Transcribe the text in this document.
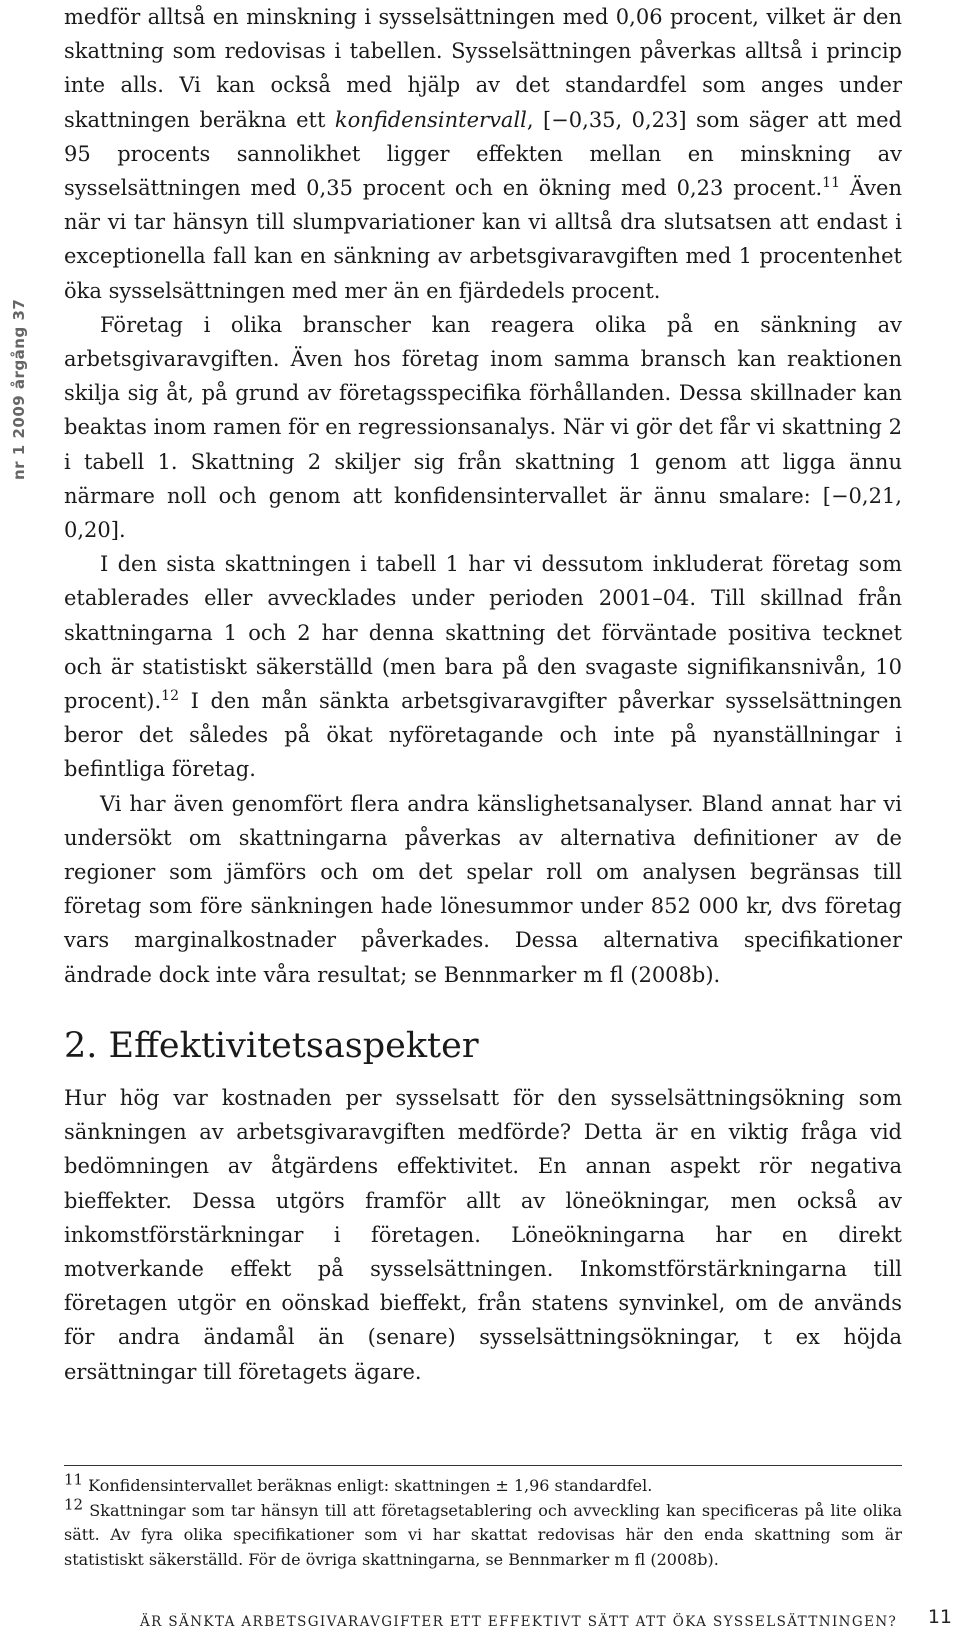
nr 1 2009 årgång 37

medför alltså en minskning i sysselsättningen med 0,06 procent, vilket är den skattning som redovisas i tabellen. Sysselsättningen påverkas alltså i princip inte alls. Vi kan också med hjälp av det standardfel som anges under skattningen beräkna ett konfidensintervall, [−0,35, 0,23] som säger att med 95 procents sannolikhet ligger effekten mellan en minskning av sysselsättningen med 0,35 procent och en ökning med 0,23 procent.$^{11}$ Även när vi tar hänsyn till slumpvariationer kan vi alltså dra slutsatsen att endast i exceptionella fall kan en sänkning av arbetsgivaravgiften med 1 procentenhet öka sysselsättningen med mer än en fjärdedels procent.

Företag i olika branscher kan reagera olika på en sänkning av arbetsgivaravgiften. Även hos företag inom samma bransch kan reaktionen skilja sig åt, på grund av företagsspecifika förhållanden. Dessa skillnader kan beaktas inom ramen för en regressionsanalys. När vi gör det får vi skattning 2 i tabell 1. Skattning 2 skiljer sig från skattning 1 genom att ligga ännu närmare noll och genom att konfidensintervallet är ännu smalare: [−0,21, 0,20].

I den sista skattningen i tabell 1 har vi dessutom inkluderat företag som etablerades eller avvecklades under perioden 2001–04. Till skillnad från skattningarna 1 och 2 har denna skattning det förväntade positiva tecknet och är statistiskt säkerställd (men bara på den svagaste signifikansnivån, 10 procent).$^{12}$ I den mån sänkta arbetsgivaravgifter påverkar sysselsättningen beror det således på ökat nyföretagande och inte på nyanställningar i befintliga företag.

Vi har även genomfört flera andra känslighetsanalyser. Bland annat har vi undersökt om skattningarna påverkas av alternativa definitioner av de regioner som jämförs och om det spelar roll om analysen begränsas till företag som före sänkningen hade lönesummor under 852 000 kr, dvs företag vars marginalkostnader påverkades. Dessa alternativa specifikationer ändrade dock inte våra resultat; se Bennmarker m fl (2008b).

2. Effektivitetsaspekter

Hur hög var kostnaden per sysselsatt för den sysselsättningsökning som sänkningen av arbetsgivaravgiften medförde? Detta är en viktig fråga vid bedömningen av åtgärdens effektivitet. En annan aspekt rör negativa bieffekter. Dessa utgörs framför allt av löneökningar, men också av inkomstförstärkningar i företagen. Löneökningarna har en direkt motverkande effekt på sysselsättningen. Inkomstförstärkningarna till företagen utgör en oönskad bieffekt, från statens synvinkel, om de används för andra ändamål än (senare) sysselsättningsökningar, t ex höjda ersättningar till företagets ägare.

11 Konfidensintervallet beräknas enligt: skattningen ± 1,96 standardfel.

12 Skattningar som tar hänsyn till att företagsetablering och avveckling kan specificeras på lite olika sätt. Av fyra olika specifikationer som vi har skattat redovisas här den enda skattning som är statistiskt säkerställd. För de övriga skattningarna, se Bennmarker m fl (2008b).

ÄR SÄNKTA ARBETSGIVARAVGIFTER ETT EFFEKTIVT SÄTT ATT ÖKA SYSSELSÄTTNINGEN? 11
